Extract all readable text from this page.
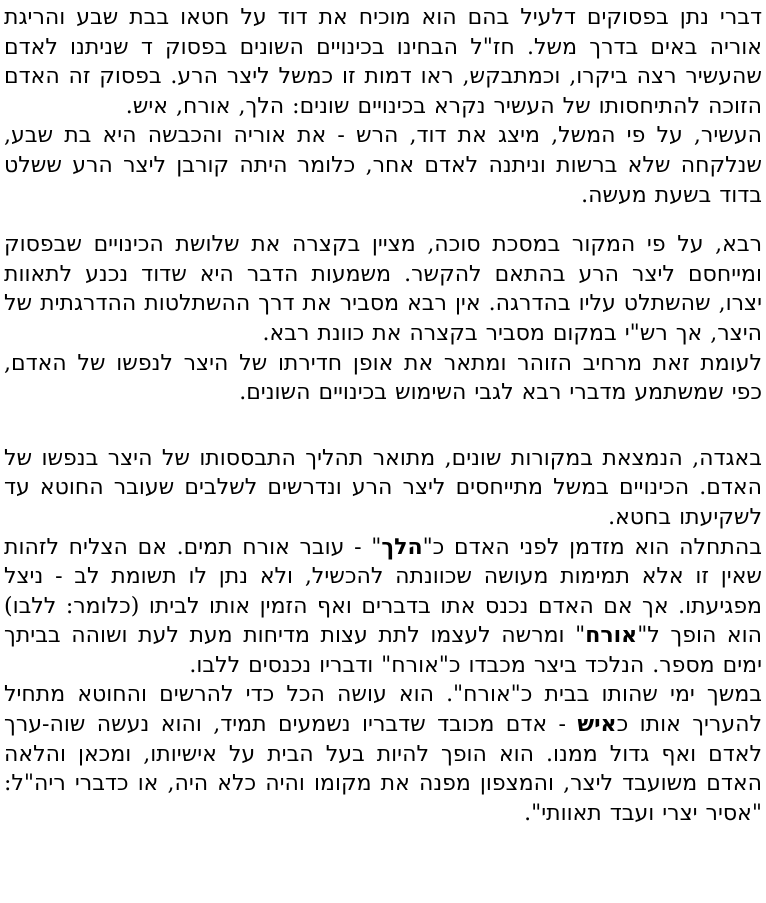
דברי נתן בפסוקים דלעיל בהם הוא מוכיח את דוד על חטאו בבת שבע והריגת אוריה באים בדרך משל. חז"ל הבחינו בכינויים השונים בפסוק ד שניתנו לאדם שהעשיר רצה ביקרו, וכמתבקש, ראו דמות זו כמשל ליצר הרע. בפסוק זה האדם הזוכה להתיחסותו של העשיר נקרא בכינויים שונים: הלך, אורח, איש.

העשיר, על פי המשל, מיצג את דוד, הרש - את אוריה והכבשה היא בת שבע, שנלקחה שלא ברשות וניתנה לאדם אחר, כלומר היתה קורבן ליצר הרע ששלט בדוד בשעת מעשה.

רבא, על פי המקור במסכת סוכה, מציין בקצרה את שלושת הכינויים שבפסוק ומייחסם ליצר הרע בהתאם להקשר. משמעות הדבר היא שדוד נכנע לתאוות יצרו, שהשתלט עליו בהדרגה. אין רבא מסביר את דרך ההשתלטות ההדרגתית של היצר, אך רש"י במקום מסביר בקצרה את כוונת רבא.

לעומת זאת מרחיב הזוהר ומתאר את אופן חדירתו של היצר לנפשו של האדם, כפי שמשתמע מדברי רבא לגבי השימוש בכינויים השונים.

באגדה, הנמצאת במקורות שונים, מתואר תהליך התבססותו של היצר בנפשו של האדם. הכינויים במשל מתייחסים ליצר הרע ונדרשים לשלבים שעובר החוטא עד לשקיעתו בחטא.

בהתחלה הוא מזדמן לפני האדם כ"הלך" - עובר אורח תמים. אם הצליח לזהות שאין זו אלא תמימות מעושה שכוונתה להכשיל, ולא נתן לו תשומת לב - ניצל מפגיעתו. אך אם האדם נכנס אתו בדברים ואף הזמין אותו לביתו (כלומר: ללבו) הוא הופך ל"אורח" ומרשה לעצמו לתת עצות מדיחות מעת לעת ושוהה בביתך ימים מספר. הנלכד ביצר מכבדו כ"אורח" ודבריו נכנסים ללבו.

במשך ימי שהותו בבית כ"אורח". הוא עושה הכל כדי להרשים והחוטא מתחיל להעריך אותו כאיש - אדם מכובד שדבריו נשמעים תמיד, והוא נעשה שוה-ערך לאדם ואף גדול ממנו. הוא הופך להיות בעל הבית על אישיותו, ומכאן והלאה האדם משועבד ליצר, והמצפון מפנה את מקומו והיה כלא היה, או כדברי ריה"ל: "אסיר יצרי ועבד תאוותי".
